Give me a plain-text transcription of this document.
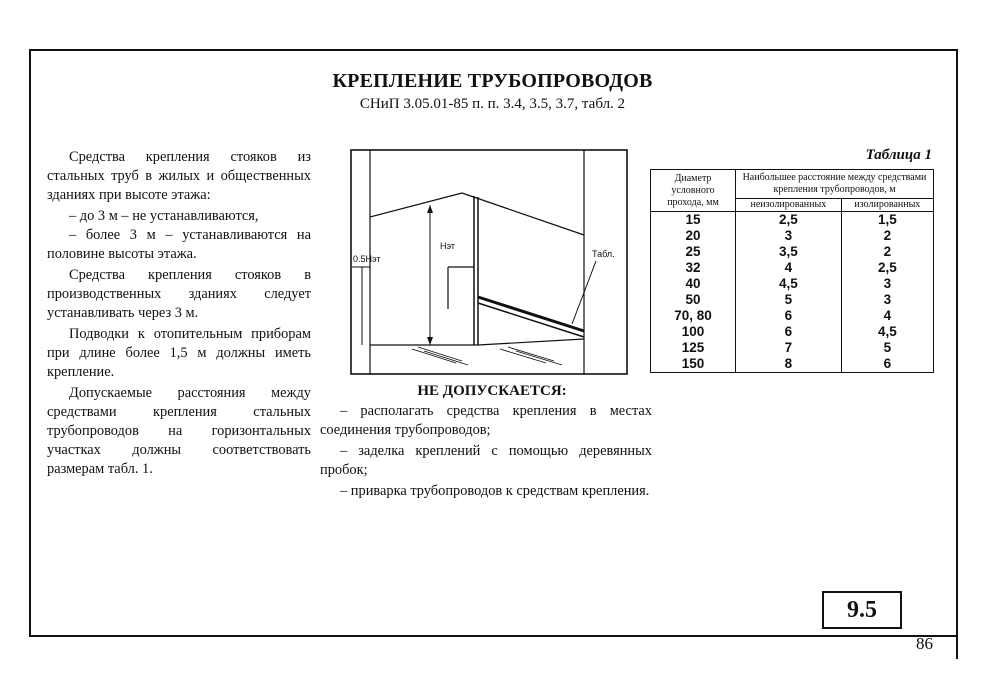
КРЕПЛЕНИЕ ТРУБОПРОВОДОВ
СНиП 3.05.01-85 п. п. 3.4, 3.5, 3.7, табл. 2

Средства крепления стояков из стальных труб в жилых и общественных зданиях при высоте этажа:

– до 3 м – не устанавливаются,

– более 3 м – устанавливаются на половине высоты этажа.

Средства крепления стояков в производственных зданиях следует устанавливать через 3 м.

Подводки к отопительным приборам при длине более 1,5 м должны иметь крепление.

Допускаемые расстояния между средствами крепления стальных трубопроводов на горизонтальных участках должны соответствовать размерам табл. 1.

0.5Нэт
Нэт
Табл.
НЕ ДОПУСКАЕТСЯ:

– располагать средства крепления в местах соединения трубопроводов;

– заделка креплений с помощью деревянных пробок;

– приварка трубопроводов к средствам крепления.

Таблица 1
Диаметр условного прохода, мм	Наибольшее расстояние между средствами крепления трубопроводов, м	
	неизолированных	изолированных
15	2,5	1,5
20	3	2
25	3,5	2
32	4	2,5
40	4,5	3
50	5	3
70, 80	6	4
100	6	4,5
125	7	5
150	8	6
9.5
86
